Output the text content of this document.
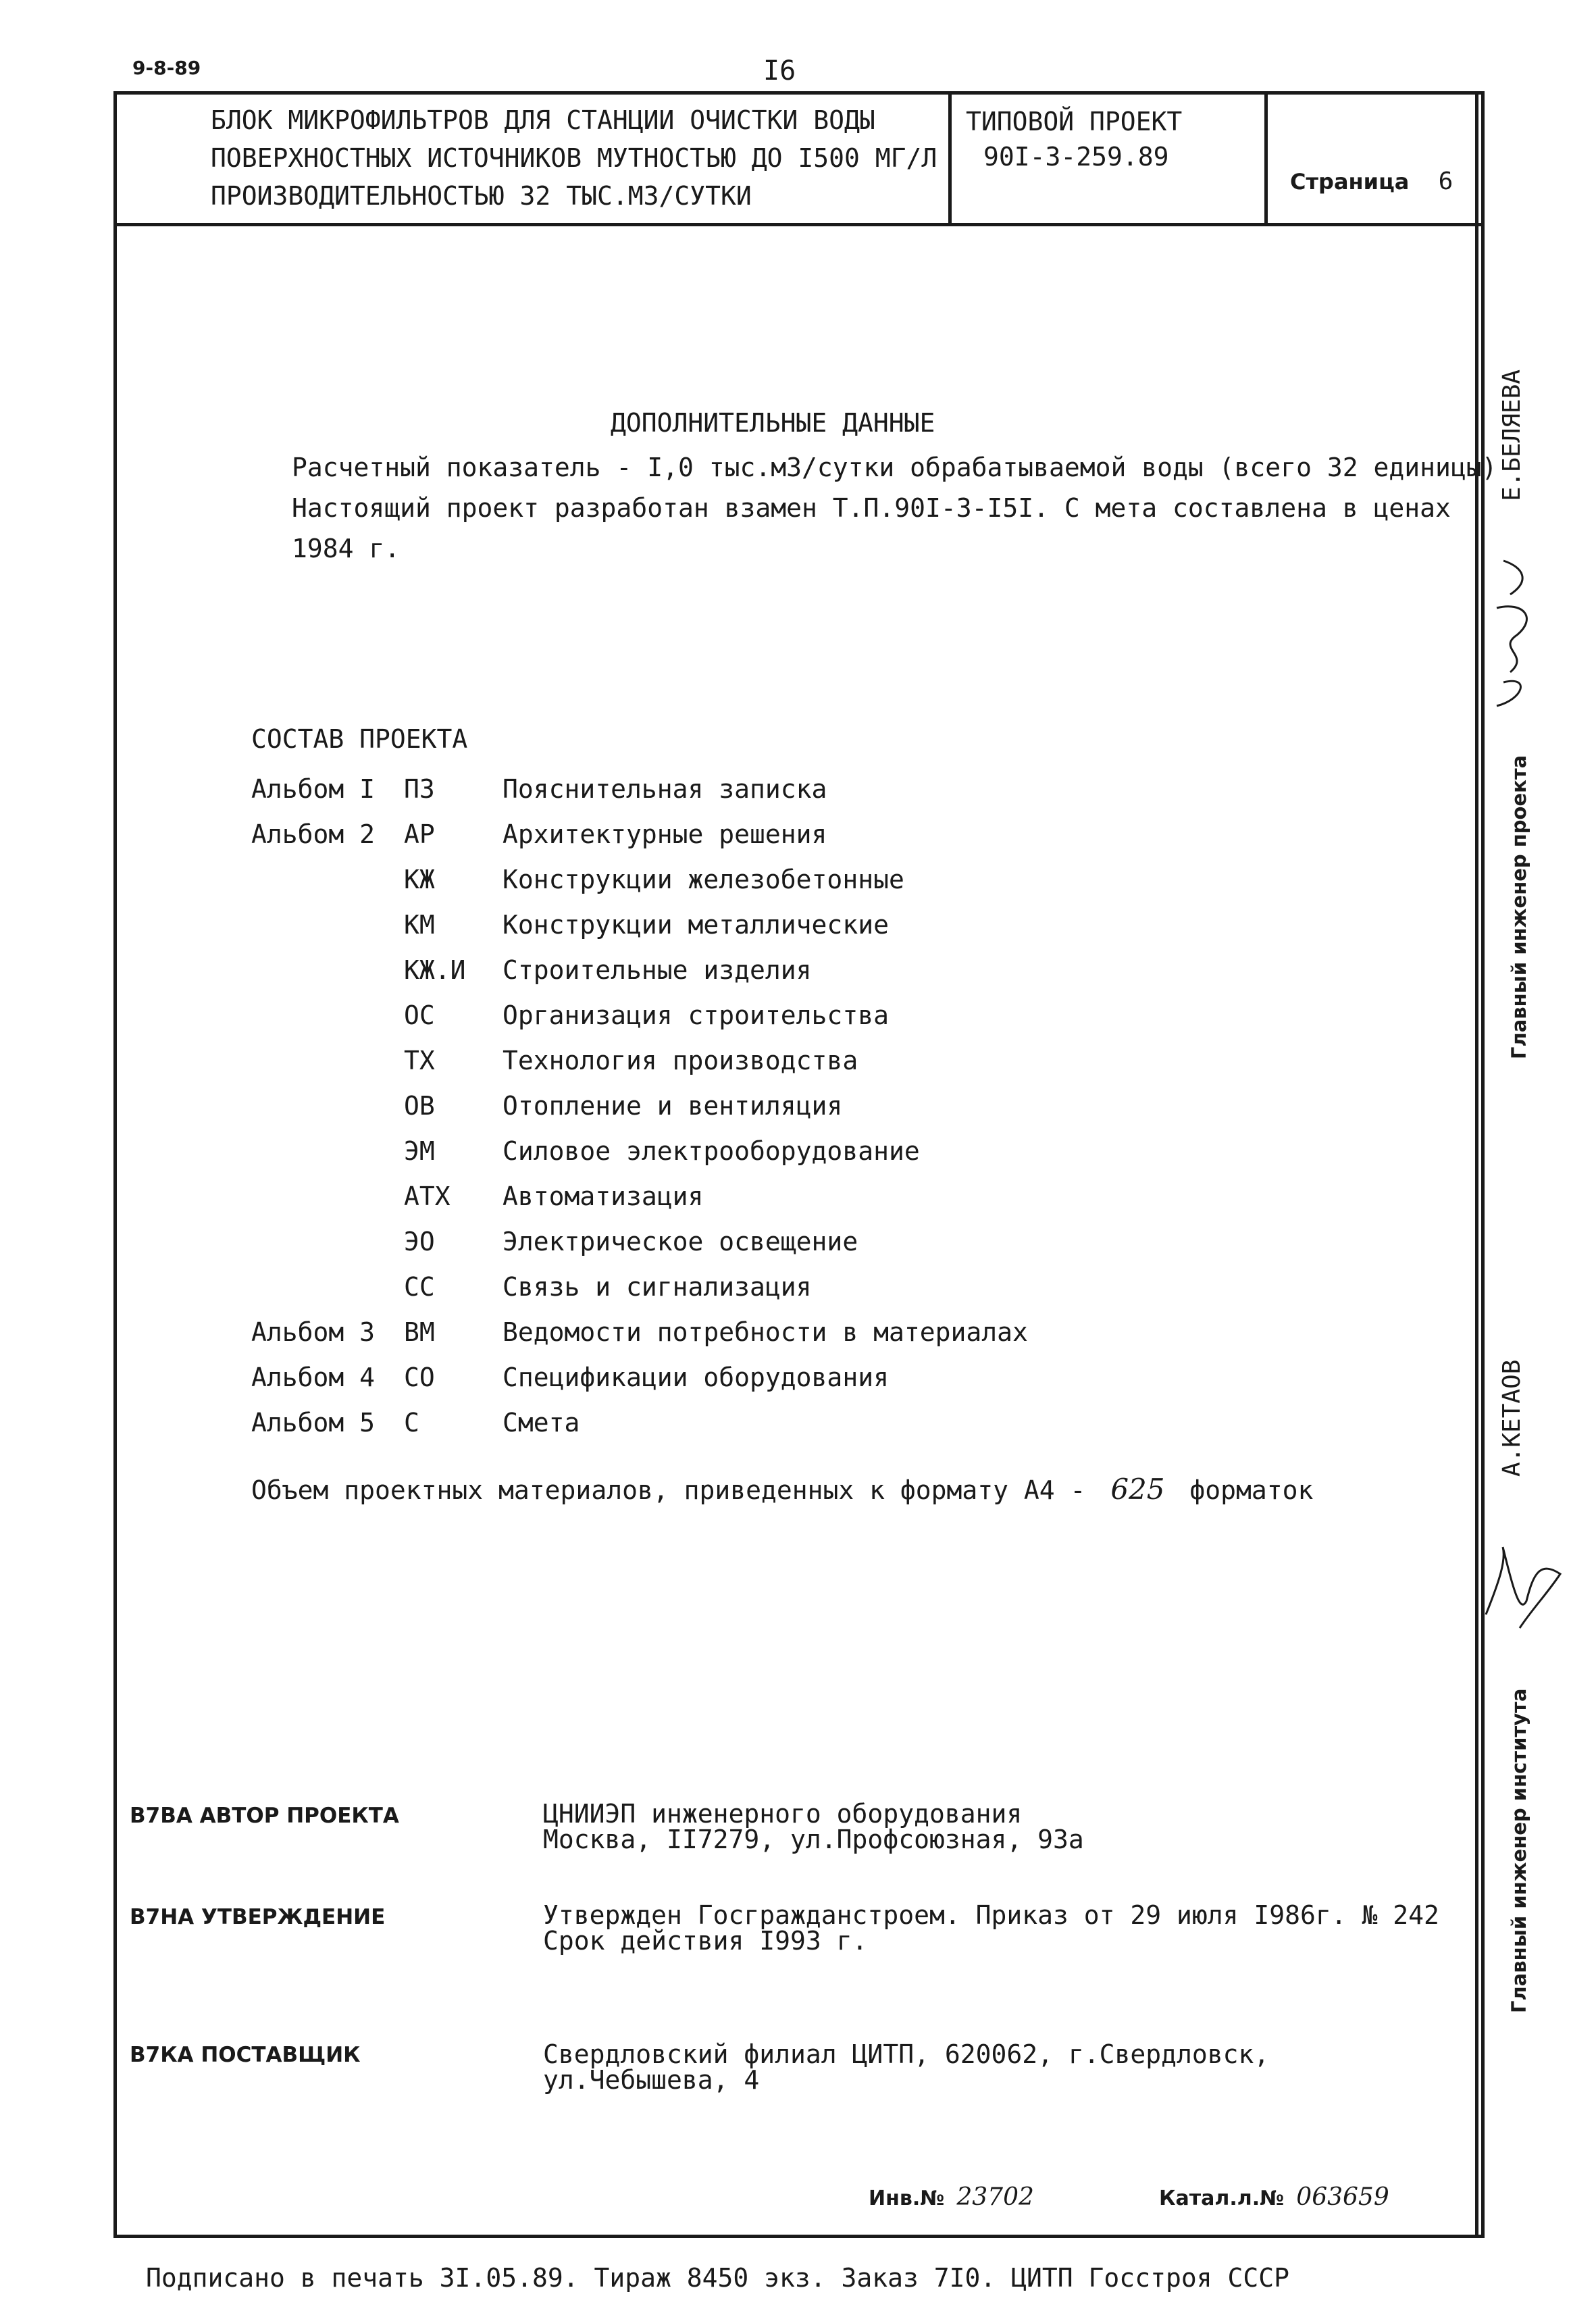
9-8-89	I6
БЛОК МИКРОФИЛЬТРОВ ДЛЯ СТАНЦИИ ОЧИСТКИ ВОДЫ
ПОВЕРХНОСТНЫХ ИСТОЧНИКОВ МУТНОСТЬЮ ДО I500 МГ/Л
ПРОИЗВОДИТЕЛЬНОСТЬЮ 32 ТЫС.М3/СУТКИ
ТИПОВОЙ ПРОЕКТ
90I-3-259.89
Страница 6
ДОПОЛНИТЕЛЬНЫЕ ДАННЫЕ
Расчетный показатель - I,0 тыс.м3/сутки обрабатываемой воды (всего 32 единицы)
Настоящий проект разработан взамен Т.П.90I-3-I5I. С мета составлена в ценах
1984 г.
СОСТАВ ПРОЕКТА
Альбом I ПЗ	Пояснительная записка
Альбом 2 АР	Архитектурные решения
КЖ	Конструкции железобетонные
КМ	Конструкции металлические
КЖ.И Строительные изделия
ОС	Организация строительства
ТХ	Технология производства
ОВ	Отопление и вентиляция
ЭМ	Силовое электрооборудование
АТХ Автоматизация
ЭО	Электрическое освещение
СС	Связь и сигнализация
Альбом 3 ВМ	Ведомости потребности в материалах
Альбом 4 СО	Спецификации оборудования
Альбом 5 С	Смета
Объем проектных материалов, приведенных к формату А4 - 625 форматок
В7ВА АВТОР ПРОЕКТА	ЦНИИЭП инженерного оборудования
Москва, II7279, ул.Профсоюзная, 93а
В7НА УТВЕРЖДЕНИЕ	Утвержден Госгражданстроем. Приказ от 29 июля I986г. № 242
Срок действия I993 г.
В7КА ПОСТАВЩИК	Свердловский филиал ЦИТП, 620062, г.Свердловск,
ул.Чебышева, 4
Инв.№ 23702	Катал.л.№ 063659
Главный инженер проекта
Е.БЕЛЯЕВА
Главный инженер института
А.КЕТАОВ
Подписано в печать 3I.05.89. Тираж 8450 экз. Заказ 7I0. ЦИТП Госстроя СССР
